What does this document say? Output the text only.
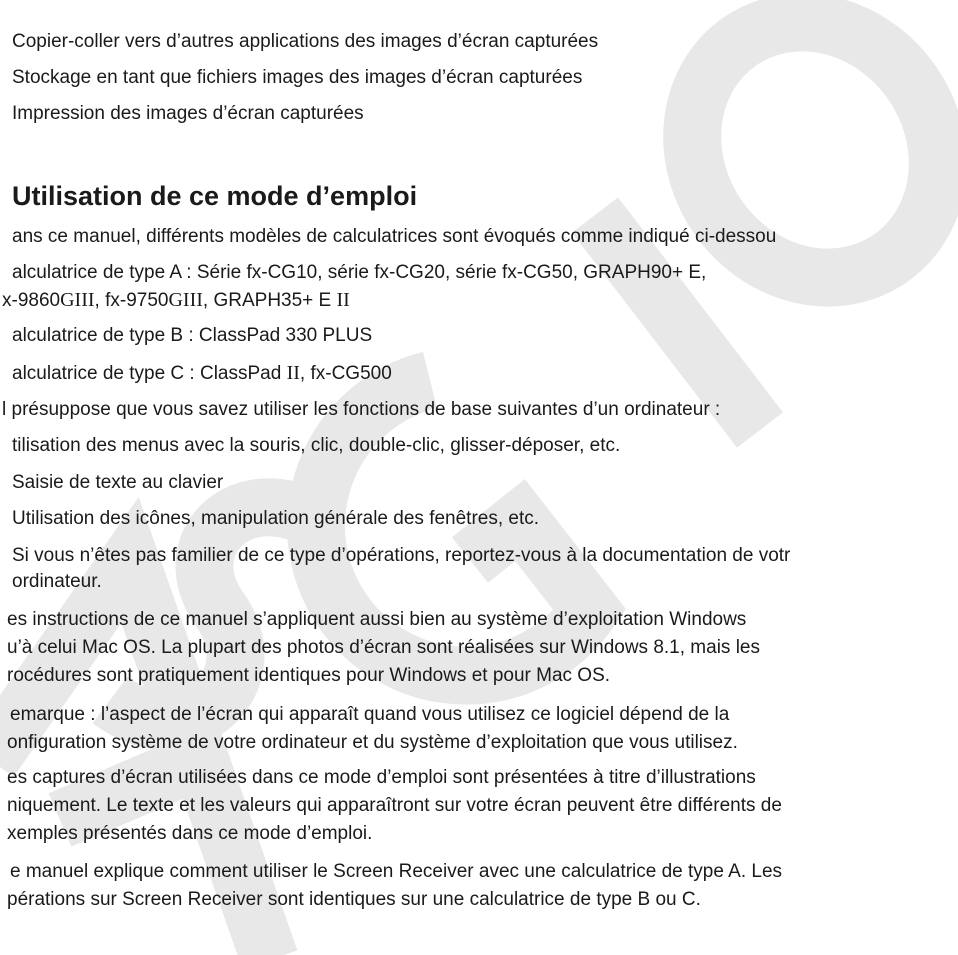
Copier-coller vers d’autres applications des images d’écran capturées
Stockage en tant que fichiers images des images d’écran capturées
Impression des images d’écran capturées
Utilisation de ce mode d’emploi
ans ce manuel, différents modèles de calculatrices sont évoqués comme indiqué ci-dessou
alculatrice de type A : Série fx-CG10, série fx-CG20, série fx-CG50, GRAPH90+ E,
x-9860GIII, fx-9750GIII, GRAPH35+ E II
alculatrice de type B : ClassPad 330 PLUS
alculatrice de type C : ClassPad II, fx-CG500
l présuppose que vous savez utiliser les fonctions de base suivantes d’un ordinateur :
tilisation des menus avec la souris, clic, double-clic, glisser-déposer, etc.
Saisie de texte au clavier
Utilisation des icônes, manipulation générale des fenêtres, etc.
Si vous n’êtes pas familier de ce type d’opérations, reportez-vous à la documentation de votr
ordinateur.
es instructions de ce manuel s’appliquent aussi bien au système d’exploitation Windows
u’à celui Mac OS. La plupart des photos d’écran sont réalisées sur Windows 8.1, mais les
rocédures sont pratiquement identiques pour Windows et pour Mac OS.
emarque : l’aspect de l’écran qui apparaît quand vous utilisez ce logiciel dépend de la
onfiguration système de votre ordinateur et du système d’exploitation que vous utilisez.
es captures d’écran utilisées dans ce mode d’emploi sont présentées à titre d’illustrations
niquement. Le texte et les valeurs qui apparaîtront sur votre écran peuvent être différents de
xemples présentés dans ce mode d’emploi.
e manuel explique comment utiliser le Screen Receiver avec une calculatrice de type A. Les
pérations sur Screen Receiver sont identiques sur une calculatrice de type B ou C.
